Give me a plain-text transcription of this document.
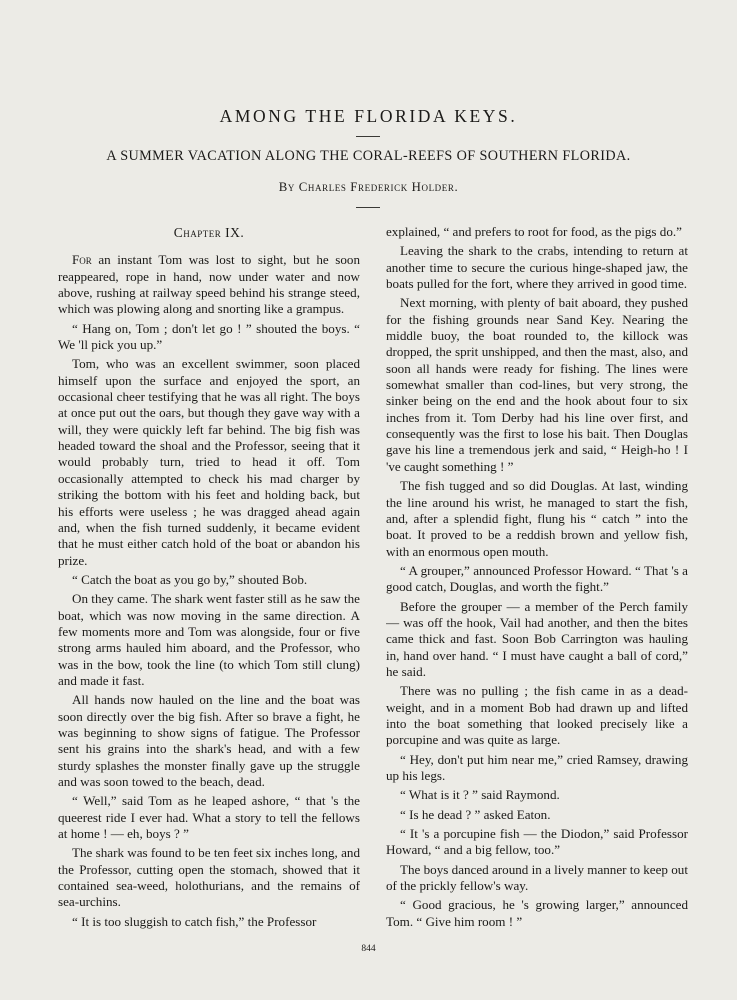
AMONG THE FLORIDA KEYS.
A SUMMER VACATION ALONG THE CORAL-REEFS OF SOUTHERN FLORIDA.
By Charles Frederick Holder.
Chapter IX.

For an instant Tom was lost to sight, but he soon reappeared, rope in hand, now under water and now above, rushing at railway speed behind his strange steed, which was plowing along and snorting like a grampus.

“ Hang on, Tom ; don't let go ! ” shouted the boys. “ We 'll pick you up.”

Tom, who was an excellent swimmer, soon placed himself upon the surface and enjoyed the sport, an occasional cheer testifying that he was all right. The boys at once put out the oars, but though they gave way with a will, they were quickly left far behind. The big fish was headed toward the shoal and the Professor, seeing that it would probably turn, tried to head it off. Tom occasionally attempted to check his mad charger by striking the bottom with his feet and holding back, but his efforts were useless ; he was dragged ahead again and, when the fish turned suddenly, it became evident that he must either catch hold of the boat or abandon his prize.

“ Catch the boat as you go by,” shouted Bob.

On they came. The shark went faster still as he saw the boat, which was now moving in the same direction. A few moments more and Tom was alongside, four or five strong arms hauled him aboard, and the Professor, who was in the bow, took the line (to which Tom still clung) and made it fast.

All hands now hauled on the line and the boat was soon directly over the big fish. After so brave a fight, he was beginning to show signs of fatigue. The Professor sent his grains into the shark's head, and with a few sturdy splashes the monster finally gave up the struggle and was soon towed to the beach, dead.

“ Well,” said Tom as he leaped ashore, “ that 's the queerest ride I ever had. What a story to tell the fellows at home ! — eh, boys ? ”

The shark was found to be ten feet six inches long, and the Professor, cutting open the stomach, showed that it contained sea-weed, holothurians, and the remains of sea-urchins.

“ It is too sluggish to catch fish,” the Professor

explained, “ and prefers to root for food, as the pigs do.”

Leaving the shark to the crabs, intending to return at another time to secure the curious hinge-shaped jaw, the boats pulled for the fort, where they arrived in good time.

Next morning, with plenty of bait aboard, they pushed for the fishing grounds near Sand Key. Nearing the middle buoy, the boat rounded to, the killock was dropped, the sprit unshipped, and then the mast, also, and soon all hands were ready for fishing. The lines were somewhat smaller than cod-lines, but very strong, the sinker being on the end and the hook about four to six inches from it. Tom Derby had his line over first, and consequently was the first to lose his bait. Then Douglas gave his line a tremendous jerk and said, “ Heigh-ho ! I 've caught something ! ”

The fish tugged and so did Douglas. At last, winding the line around his wrist, he managed to start the fish, and, after a splendid fight, flung his “ catch ” into the boat. It proved to be a reddish brown and yellow fish, with an enormous open mouth.

“ A grouper,” announced Professor Howard. “ That 's a good catch, Douglas, and worth the fight.”

Before the grouper — a member of the Perch family — was off the hook, Vail had another, and then the bites came thick and fast. Soon Bob Carrington was hauling in, hand over hand. “ I must have caught a ball of cord,” he said.

There was no pulling ; the fish came in as a dead-weight, and in a moment Bob had drawn up and lifted into the boat something that looked precisely like a porcupine and was quite as large.

“ Hey, don't put him near me,” cried Ramsey, drawing up his legs.

“ What is it ? ” said Raymond.

“ Is he dead ? ” asked Eaton.

“ It 's a porcupine fish — the Diodon,” said Professor Howard, “ and a big fellow, too.”

The boys danced around in a lively manner to keep out of the prickly fellow's way.

“ Good gracious, he 's growing larger,” announced Tom. “ Give him room ! ”

844
